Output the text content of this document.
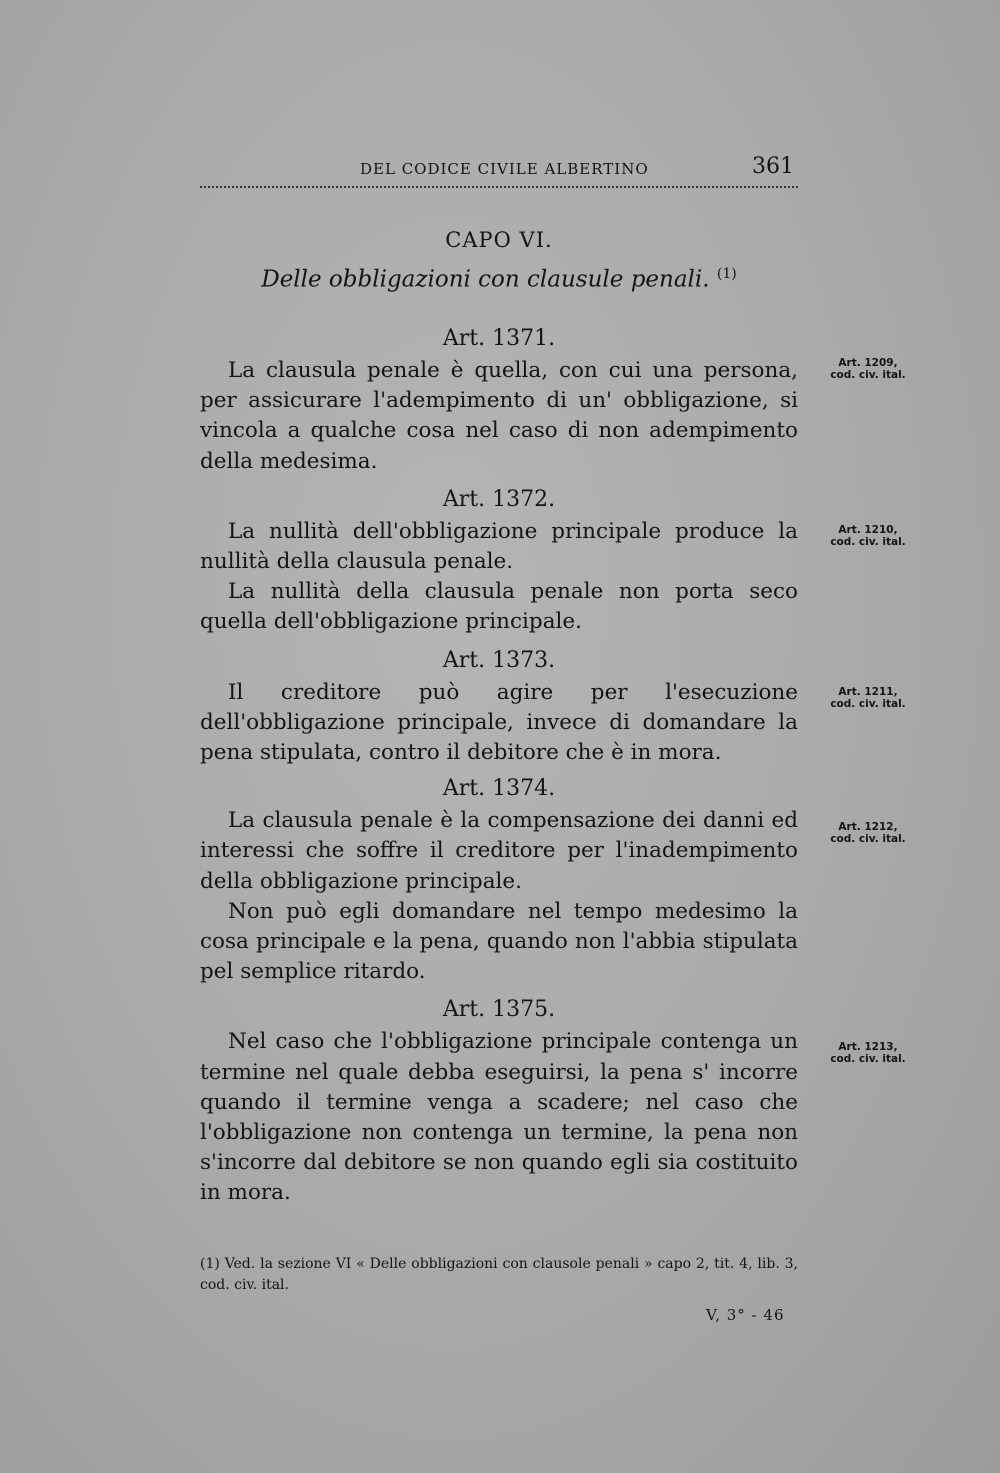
DEL CODICE CIVILE ALBERTINO	361
CAPO VI.
Delle obbligazioni con clausule penali. $^{(1)}$
Art. 1371.

La clausula penale è quella, con cui una persona, per assicurare l'adempimento di un' obbligazione, si vincola a qualche cosa nel caso di non adempimento della medesima.

Art. 1372.

La nullità dell'obbligazione principale produce la nullità della clausula penale.

La nullità della clausula penale non porta seco quella dell'obbligazione principale.

Art. 1373.

Il creditore può agire per l'esecuzione dell'obbligazione principale, invece di domandare la pena stipulata, contro il debitore che è in mora.

Art. 1374.

La clausula penale è la compensazione dei danni ed interessi che soffre il creditore per l'inadempimento della obbligazione principale.

Non può egli domandare nel tempo medesimo la cosa principale e la pena, quando non l'abbia stipulata pel semplice ritardo.

Art. 1375.

Nel caso che l'obbligazione principale contenga un termine nel quale debba eseguirsi, la pena s' incorre quando il termine venga a scadere; nel caso che l'obbligazione non contenga un termine, la pena non s'incorre dal debitore se non quando egli sia costituito in mora.

Art. 1209,
cod. civ. ital.
Art. 1210,
cod. civ. ital.
Art. 1211,
cod. civ. ital.
Art. 1212,
cod. civ. ital.
Art. 1213,
cod. civ. ital.
(1) Ved. la sezione VI « Delle obbligazioni con clausole penali » capo 2, tit. 4, lib. 3, cod. civ. ital.
V, 3° - 46
